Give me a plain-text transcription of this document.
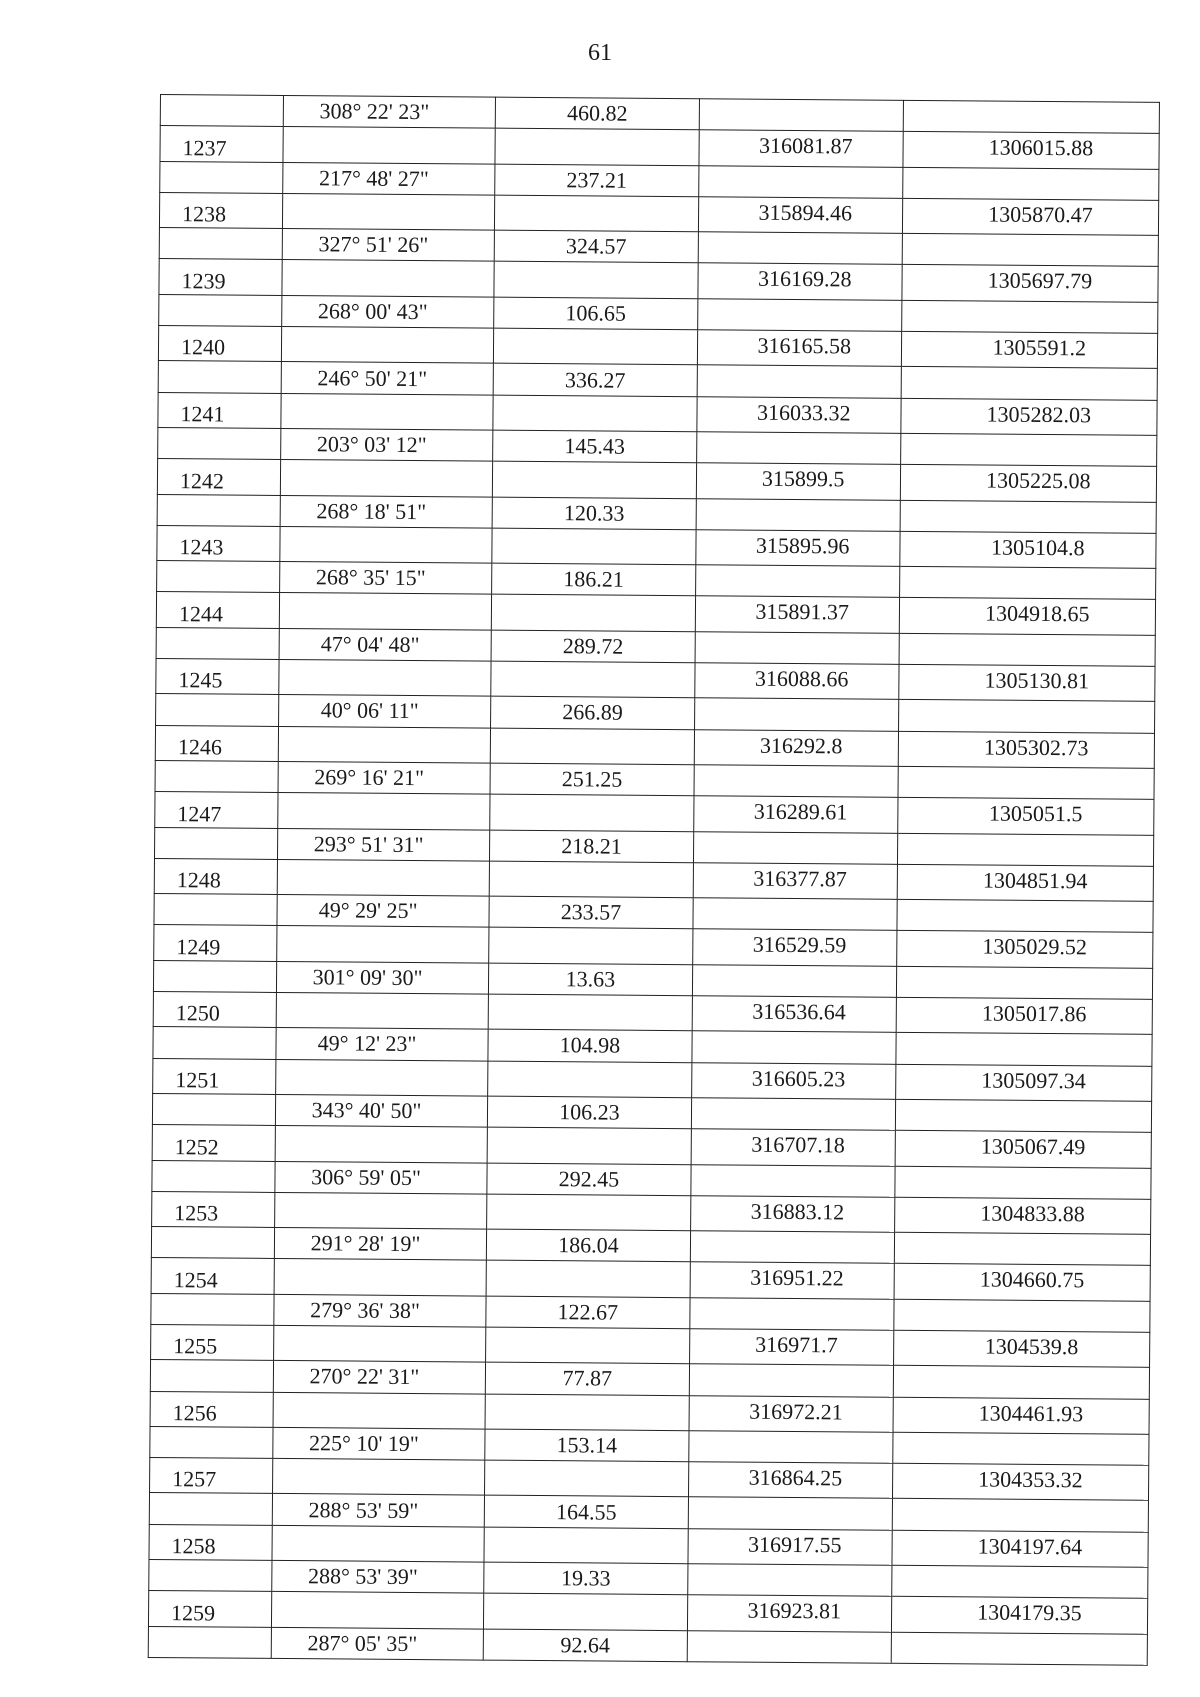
61
	308° 22' 23"	460.82		
1237			316081.87	1306015.88
	217° 48' 27"	237.21		
1238			315894.46	1305870.47
	327° 51' 26"	324.57		
1239			316169.28	1305697.79
	268° 00' 43"	106.65		
1240			316165.58	1305591.2
	246° 50' 21"	336.27		
1241			316033.32	1305282.03
	203° 03' 12"	145.43		
1242			315899.5	1305225.08
	268° 18' 51"	120.33		
1243			315895.96	1305104.8
	268° 35' 15"	186.21		
1244			315891.37	1304918.65
	47° 04' 48"	289.72		
1245			316088.66	1305130.81
	40° 06' 11"	266.89		
1246			316292.8	1305302.73
	269° 16' 21"	251.25		
1247			316289.61	1305051.5
	293° 51' 31"	218.21		
1248			316377.87	1304851.94
	49° 29' 25"	233.57		
1249			316529.59	1305029.52
	301° 09' 30"	13.63		
1250			316536.64	1305017.86
	49° 12' 23"	104.98		
1251			316605.23	1305097.34
	343° 40' 50"	106.23		
1252			316707.18	1305067.49
	306° 59' 05"	292.45		
1253			316883.12	1304833.88
	291° 28' 19"	186.04		
1254			316951.22	1304660.75
	279° 36' 38"	122.67		
1255			316971.7	1304539.8
	270° 22' 31"	77.87		
1256			316972.21	1304461.93
	225° 10' 19"	153.14		
1257			316864.25	1304353.32
	288° 53' 59"	164.55		
1258			316917.55	1304197.64
	288° 53' 39"	19.33		
1259			316923.81	1304179.35
	287° 05' 35"	92.64		
